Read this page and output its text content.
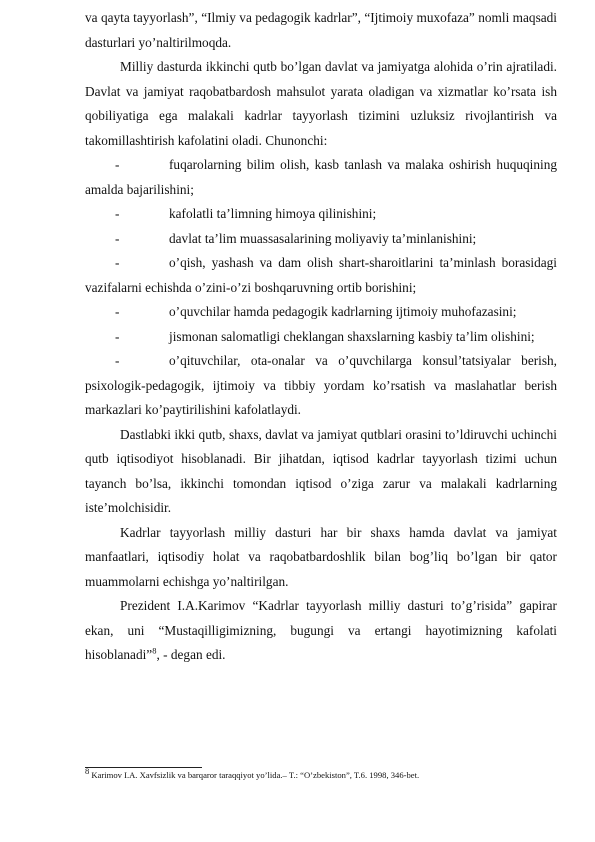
va qayta tayyorlash”, “Ilmiy va pedagogik kadrlar”, “Ijtimoiy muxofaza” nomli maqsadi dasturlari yo’naltirilmoqda.

Milliy dasturda ikkinchi qutb bo’lgan davlat va jamiyatga alohida o’rin ajratiladi. Davlat va jamiyat raqobatbardosh mahsulot yarata oladigan va xizmatlar ko’rsata ish qobiliyatiga ega malakali kadrlar tayyorlash tizimini uzluksiz rivojlantirish va takomillashtirish kafolatini oladi. Chunonchi:

-	fuqarolarning bilim olish, kasb tanlash va malaka oshirish huquqining amalda bajarilishini;

-	kafolatli ta’limning himoya qilinishini;

-	davlat ta’lim muassasalarining moliyaviy ta’minlanishini;

-	o’qish, yashash va dam olish shart-sharoitlarini ta’minlash borasidagi vazifalarni echishda o’zini-o’zi boshqaruvning ortib borishini;

-	o’quvchilar hamda pedagogik kadrlarning ijtimoiy muhofazasini;

-	jismonan salomatligi cheklangan shaxslarning kasbiy ta’lim olishini;

-	o’qituvchilar, ota-onalar va o’quvchilarga konsul’tatsiyalar berish, psixologik-pedagogik, ijtimoiy va tibbiy yordam ko’rsatish va maslahatlar berish markazlari ko’paytirilishini kafolatlaydi.

Dastlabki ikki qutb, shaxs, davlat va jamiyat qutblari orasini to’ldiruvchi uchinchi qutb iqtisodiyot hisoblanadi. Bir jihatdan, iqtisod kadrlar tayyorlash tizimi uchun tayanch bo’lsa, ikkinchi tomondan iqtisod o’ziga zarur va malakali kadrlarning iste’molchisidir.

Kadrlar tayyorlash milliy dasturi har bir shaxs hamda davlat va jamiyat manfaatlari, iqtisodiy holat va raqobatbardoshlik bilan bog’liq bo’lgan bir qator muammolarni echishga yo’naltirilgan.

Prezident I.A.Karimov “Kadrlar tayyorlash milliy dasturi to’g’risida” gapirar ekan, uni “Mustaqilligimizning, bugungi va ertangi hayotimizning kafolati hisoblanadi”$^8$, - degan edi.

$^8$ Karimov I.A. Xavfsizlik va barqaror taraqqiyot yo’lida.– T.: “O’zbekiston”, T.6. 1998, 346-bet.
